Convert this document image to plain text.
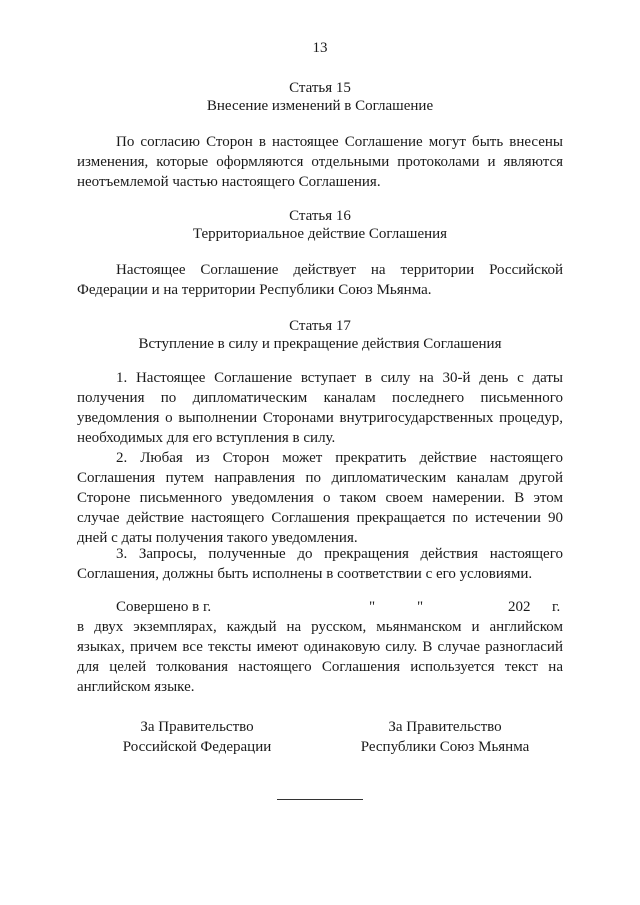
13
Статья 15
Внесение изменений в Соглашение

По согласию Сторон в настоящее Соглашение могут быть внесены изменения, которые оформляются отдельными протоколами и являются неотъемлемой частью настоящего Соглашения.

Статья 16
Территориальное действие Соглашения

Настоящее Соглашение действует на территории Российской Федерации и на территории Республики Союз Мьянма.

Статья 17
Вступление в силу и прекращение действия Соглашения

1. Настоящее Соглашение вступает в силу на 30-й день с даты получения по дипломатическим каналам последнего письменного уведомления о выполнении Сторонами внутригосударственных процедур, необходимых для его вступления в силу.

2. Любая из Сторон может прекратить действие настоящего Соглашения путем направления по дипломатическим каналам другой Стороне письменного уведомления о таком своем намерении. В этом случае действие настоящего Соглашения прекращается по истечении 90 дней с даты получения такого уведомления.

3. Запросы, полученные до прекращения действия настоящего Соглашения, должны быть исполнены в соответствии с его условиями.

Совершено в г.	"	"	202 г.

в двух экземплярах, каждый на русском, мьянманском и английском языках, причем все тексты имеют одинаковую силу. В случае разногласий для целей толкования настоящего Соглашения используется текст на английском языке.

За Правительство
Российской Федерации
За Правительство
Республики Союз Мьянма
